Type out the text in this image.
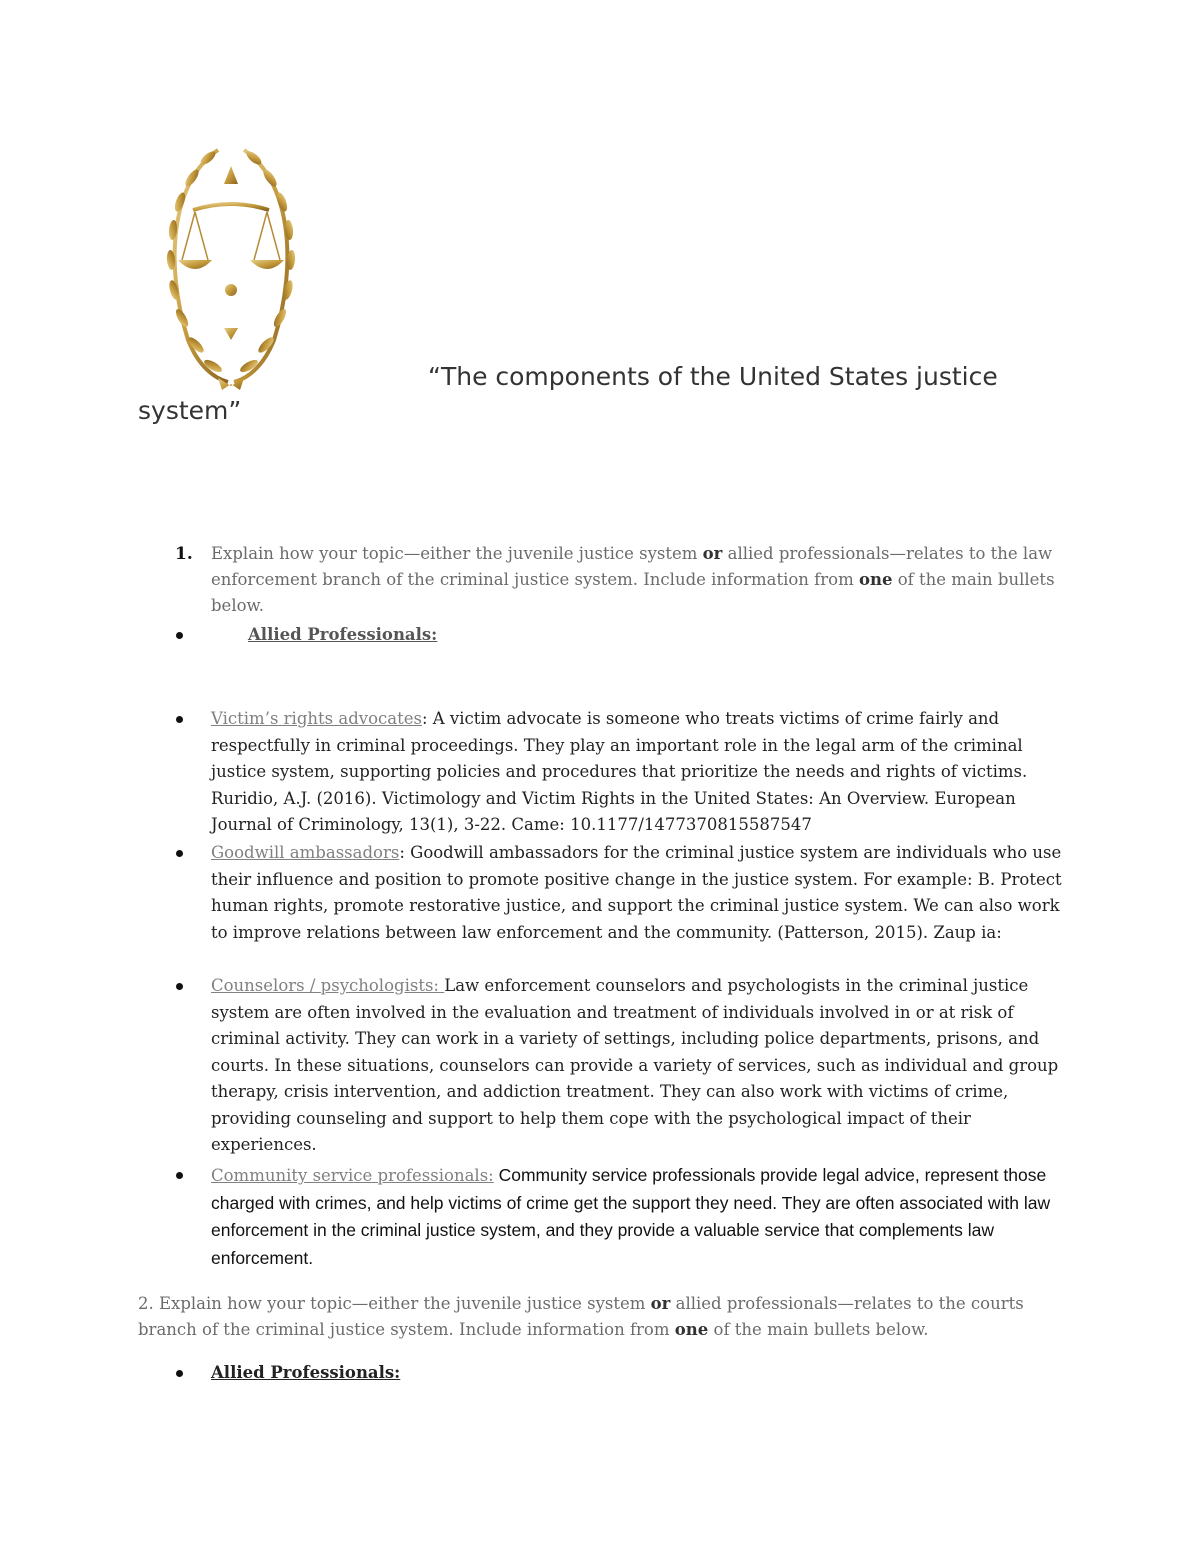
“The components of the United States justice
system”
1. Explain how your topic—either the juvenile justice system or allied professionals—relates to the law enforcement branch of the criminal justice system. Include information from one of the main bullets below.
Allied Professionals:
Victim’s rights advocates: A victim advocate is someone who treats victims of crime fairly and respectfully in criminal proceedings. They play an important role in the legal arm of the criminal justice system, supporting policies and procedures that prioritize the needs and rights of victims. Ruridio, A.J. (2016). Victimology and Victim Rights in the United States: An Overview. European Journal of Criminology, 13(1), 3-22. Came: 10.1177/1477370815587547
Goodwill ambassadors: Goodwill ambassadors for the criminal justice system are individuals who use their influence and position to promote positive change in the justice system. For example: B. Protect human rights, promote restorative justice, and support the criminal justice system. We can also work to improve relations between law enforcement and the community. (Patterson, 2015). Zaup ia:
Counselors / psychologists: Law enforcement counselors and psychologists in the criminal justice system are often involved in the evaluation and treatment of individuals involved in or at risk of criminal activity. They can work in a variety of settings, including police departments, prisons, and courts. In these situations, counselors can provide a variety of services, such as individual and group therapy, crisis intervention, and addiction treatment. They can also work with victims of crime, providing counseling and support to help them cope with the psychological impact of their experiences.
Community service professionals: Community service professionals provide legal advice, represent those charged with crimes, and help victims of crime get the support they need. They are often associated with law enforcement in the criminal justice system, and they provide a valuable service that complements law enforcement.
2. Explain how your topic—either the juvenile justice system or allied professionals—relates to the courts branch of the criminal justice system. Include information from one of the main bullets below.
Allied Professionals:
